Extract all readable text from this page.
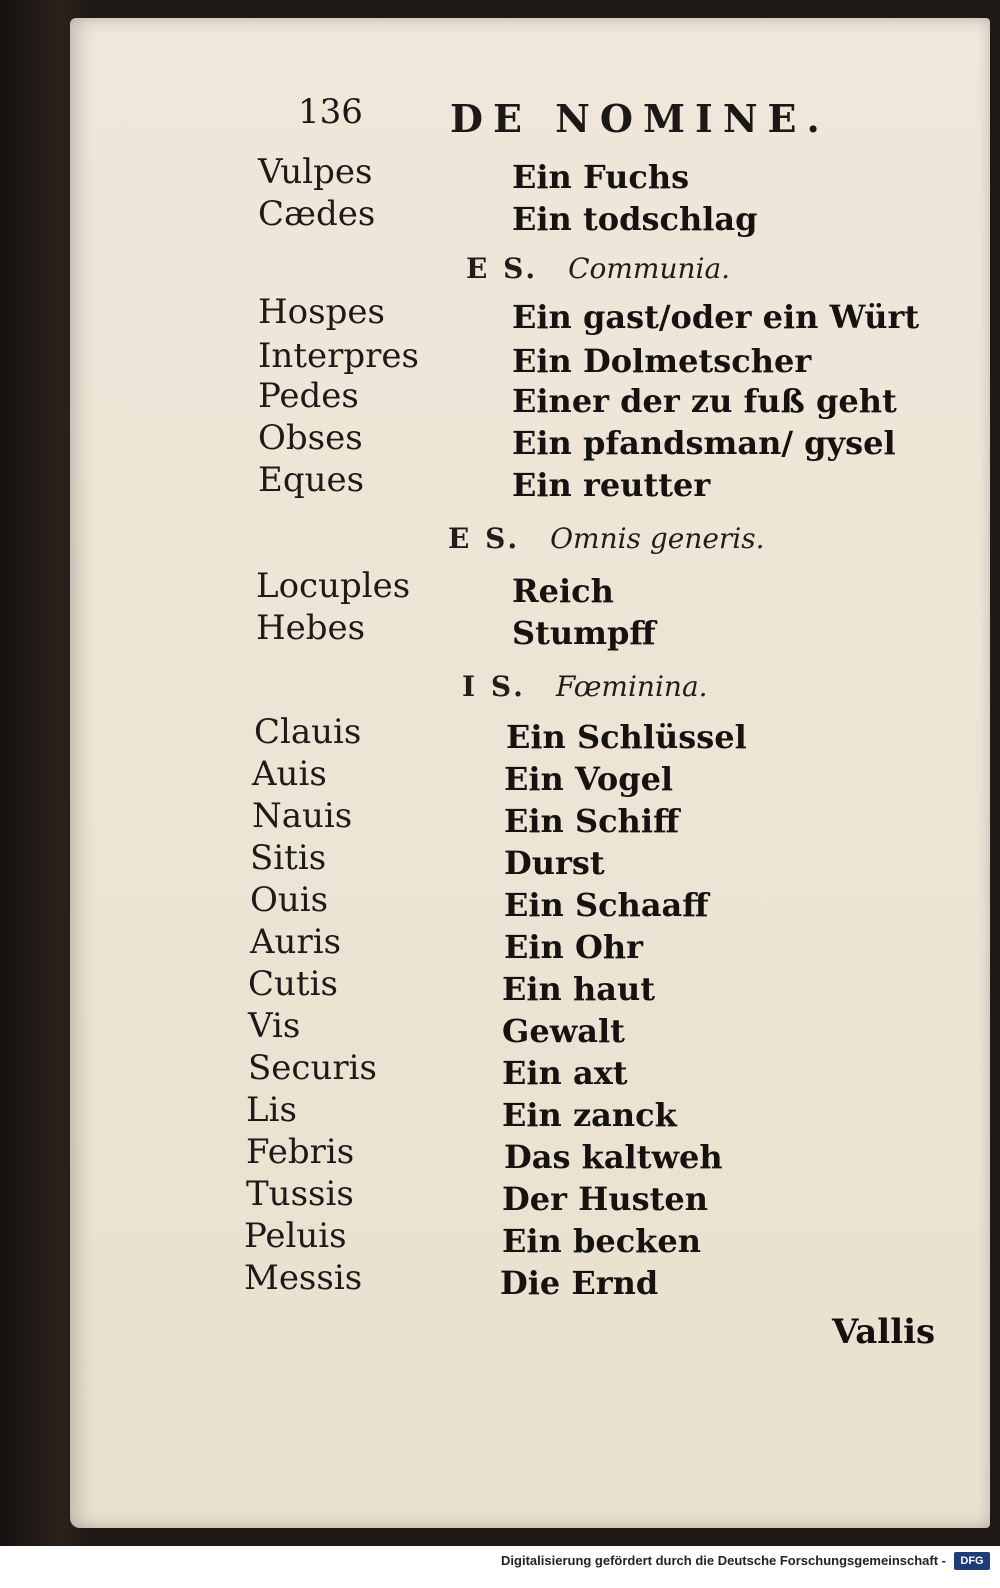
136 DE NOMINE.
Vulpes	Ein Fuchs
Cædes	Ein todschlag
E S. Communia.
Hospes	Ein gast/oder ein Würt
Interpres	Ein Dolmetscher
Pedes	Einer der zu fuß geht
Obses	Ein pfandsman/ gysel
Eques	Ein reutter
E S. Omnis generis.
Locuples	Reich
Hebes	Stumpff
I S. Fœminina.
Clauis	Ein Schlüssel
Auis	Ein Vogel
Nauis	Ein Schiff
Sitis	Durst
Ouis	Ein Schaaff
Auris	Ein Ohr
Cutis	Ein haut
Vis	Gewalt
Securis	Ein axt
Lis	Ein zanck
Febris	Das kaltweh
Tussis	Der Husten
Peluis	Ein becken
Messis	Die Ernd
Vallis
Digitalisierung gefördert durch die Deutsche Forschungsgemeinschaft -	DFG
